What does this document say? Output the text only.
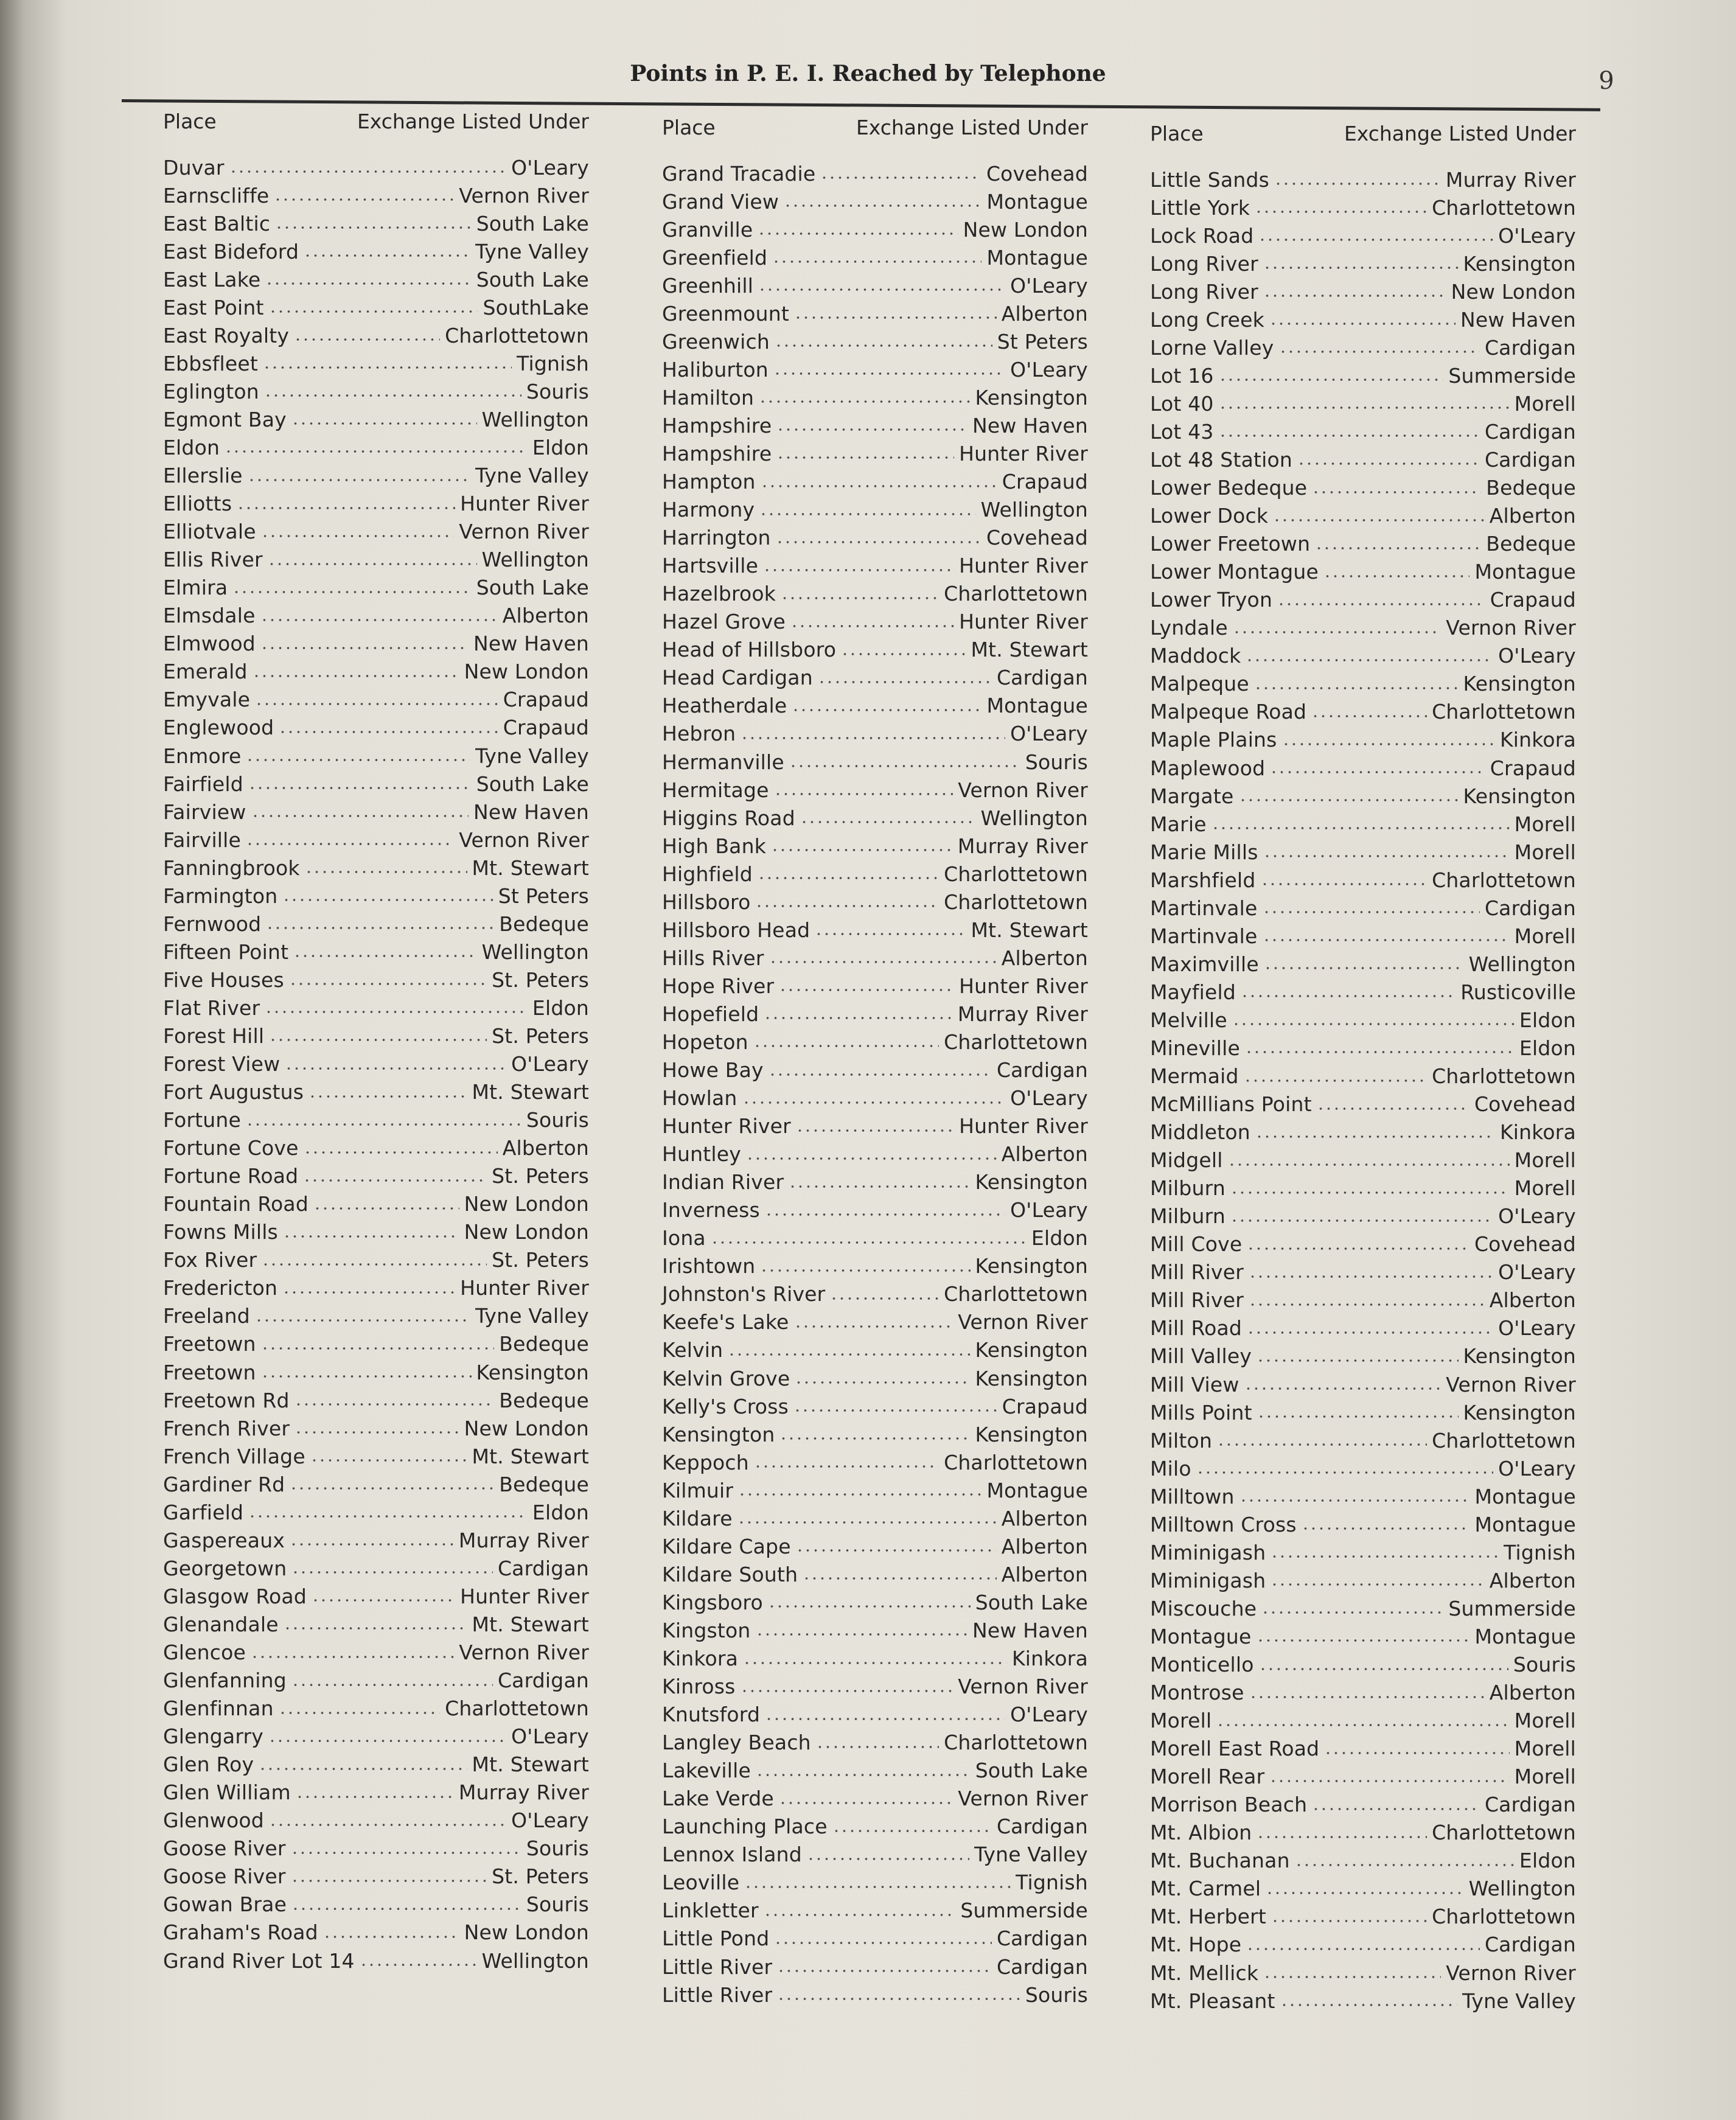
Points in P. E. I. Reached by Telephone	9
Place	Exchange Listed Under
Duvar	O'Leary
Earnscliffe	Vernon River
East Baltic	South Lake
East Bideford	Tyne Valley
East Lake	South Lake
East Point	SouthLake
East Royalty	Charlottetown
Ebbsfleet	Tignish
Eglington	Souris
Egmont Bay	Wellington
Eldon	Eldon
Ellerslie	Tyne Valley
Elliotts	Hunter River
Elliotvale	Vernon River
Ellis River	Wellington
Elmira	South Lake
Elmsdale	Alberton
Elmwood	New Haven
Emerald	New London
Emyvale	Crapaud
Englewood	Crapaud
Enmore	Tyne Valley
Fairfield	South Lake
Fairview	New Haven
Fairville	Vernon River
Fanningbrook	Mt. Stewart
Farmington	St Peters
Fernwood	Bedeque
Fifteen Point	Wellington
Five Houses	St. Peters
Flat River	Eldon
Forest Hill	St. Peters
Forest View	O'Leary
Fort Augustus	Mt. Stewart
Fortune	Souris
Fortune Cove	Alberton
Fortune Road	St. Peters
Fountain Road	New London
Fowns Mills	New London
Fox River	St. Peters
Fredericton	Hunter River
Freeland	Tyne Valley
Freetown	Bedeque
Freetown	Kensington
Freetown Rd	Bedeque
French River	New London
French Village	Mt. Stewart
Gardiner Rd	Bedeque
Garfield	Eldon
Gaspereaux	Murray River
Georgetown	Cardigan
Glasgow Road	Hunter River
Glenandale	Mt. Stewart
Glencoe	Vernon River
Glenfanning	Cardigan
Glenfinnan	Charlottetown
Glengarry	O'Leary
Glen Roy	Mt. Stewart
Glen William	Murray River
Glenwood	O'Leary
Goose River	Souris
Goose River	St. Peters
Gowan Brae	Souris
Graham's Road	New London
Grand River Lot 14	Wellington
Place	Exchange Listed Under
Grand Tracadie	Covehead
Grand View	Montague
Granville	New London
Greenfield	Montague
Greenhill	O'Leary
Greenmount	Alberton
Greenwich	St Peters
Haliburton	O'Leary
Hamilton	Kensington
Hampshire	New Haven
Hampshire	Hunter River
Hampton	Crapaud
Harmony	Wellington
Harrington	Covehead
Hartsville	Hunter River
Hazelbrook	Charlottetown
Hazel Grove	Hunter River
Head of Hillsboro	Mt. Stewart
Head Cardigan	Cardigan
Heatherdale	Montague
Hebron	O'Leary
Hermanville	Souris
Hermitage	Vernon River
Higgins Road	Wellington
High Bank	Murray River
Highfield	Charlottetown
Hillsboro	Charlottetown
Hillsboro Head	Mt. Stewart
Hills River	Alberton
Hope River	Hunter River
Hopefield	Murray River
Hopeton	Charlottetown
Howe Bay	Cardigan
Howlan	O'Leary
Hunter River	Hunter River
Huntley	Alberton
Indian River	Kensington
Inverness	O'Leary
Iona	Eldon
Irishtown	Kensington
Johnston's River	Charlottetown
Keefe's Lake	Vernon River
Kelvin	Kensington
Kelvin Grove	Kensington
Kelly's Cross	Crapaud
Kensington	Kensington
Keppoch	Charlottetown
Kilmuir	Montague
Kildare	Alberton
Kildare Cape	Alberton
Kildare South	Alberton
Kingsboro	South Lake
Kingston	New Haven
Kinkora	Kinkora
Kinross	Vernon River
Knutsford	O'Leary
Langley Beach	Charlottetown
Lakeville	South Lake
Lake Verde	Vernon River
Launching Place	Cardigan
Lennox Island	Tyne Valley
Leoville	Tignish
Linkletter	Summerside
Little Pond	Cardigan
Little River	Cardigan
Little River	Souris
Place	Exchange Listed Under
Little Sands	Murray River
Little York	Charlottetown
Lock Road	O'Leary
Long River	Kensington
Long River	New London
Long Creek	New Haven
Lorne Valley	Cardigan
Lot 16	Summerside
Lot 40	Morell
Lot 43	Cardigan
Lot 48 Station	Cardigan
Lower Bedeque	Bedeque
Lower Dock	Alberton
Lower Freetown	Bedeque
Lower Montague	Montague
Lower Tryon	Crapaud
Lyndale	Vernon River
Maddock	O'Leary
Malpeque	Kensington
Malpeque Road	Charlottetown
Maple Plains	Kinkora
Maplewood	Crapaud
Margate	Kensington
Marie	Morell
Marie Mills	Morell
Marshfield	Charlottetown
Martinvale	Cardigan
Martinvale	Morell
Maximville	Wellington
Mayfield	Rusticoville
Melville	Eldon
Mineville	Eldon
Mermaid	Charlottetown
McMillians Point	Covehead
Middleton	Kinkora
Midgell	Morell
Milburn	Morell
Milburn	O'Leary
Mill Cove	Covehead
Mill River	O'Leary
Mill River	Alberton
Mill Road	O'Leary
Mill Valley	Kensington
Mill View	Vernon River
Mills Point	Kensington
Milton	Charlottetown
Milo	O'Leary
Milltown	Montague
Milltown Cross	Montague
Miminigash	Tignish
Miminigash	Alberton
Miscouche	Summerside
Montague	Montague
Monticello	Souris
Montrose	Alberton
Morell	Morell
Morell East Road	Morell
Morell Rear	Morell
Morrison Beach	Cardigan
Mt. Albion	Charlottetown
Mt. Buchanan	Eldon
Mt. Carmel	Wellington
Mt. Herbert	Charlottetown
Mt. Hope	Cardigan
Mt. Mellick	Vernon River
Mt. Pleasant	Tyne Valley
